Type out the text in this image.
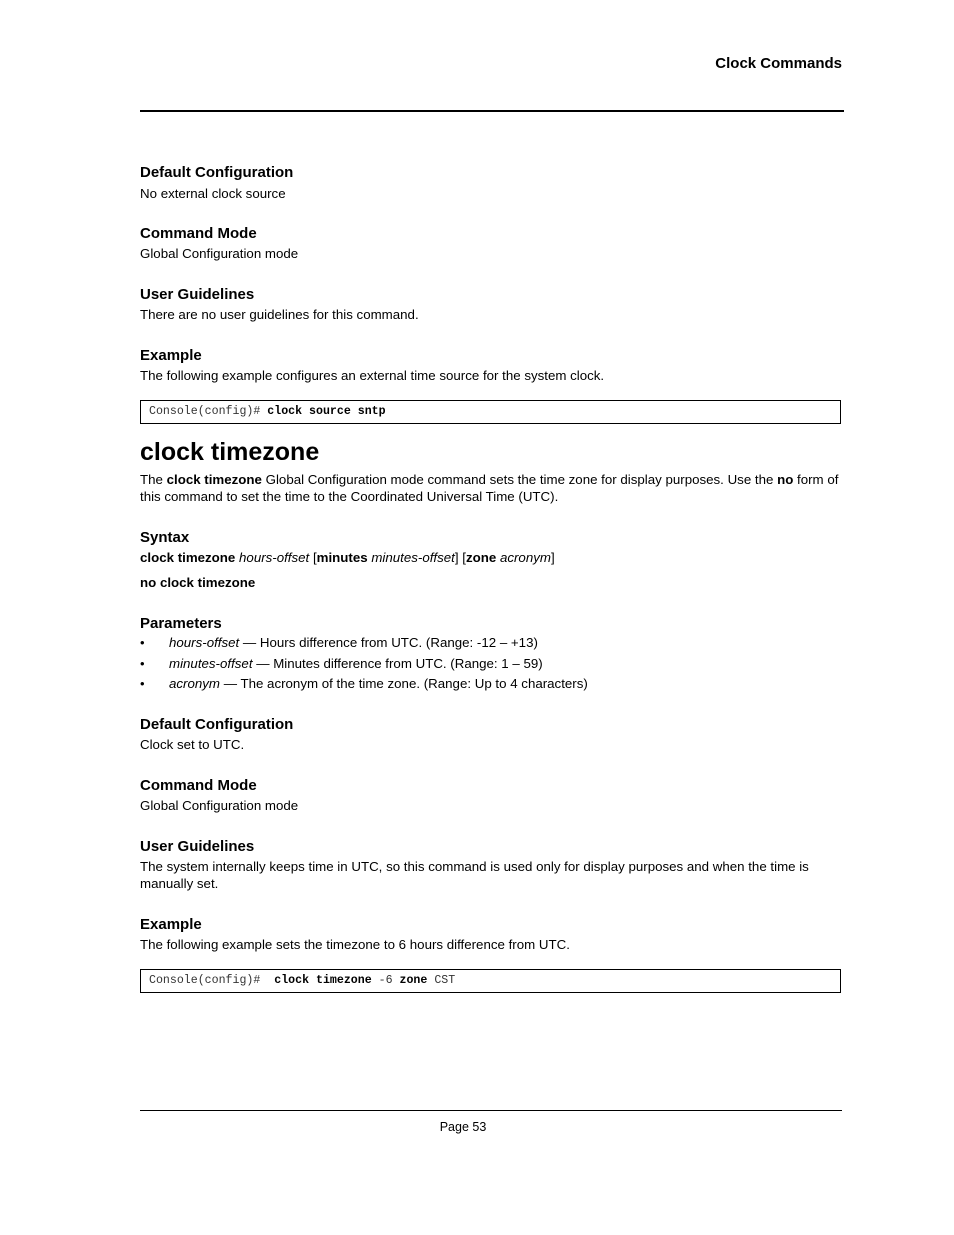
Clock Commands
Default Configuration
No external clock source
Command Mode
Global Configuration mode
User Guidelines
There are no user guidelines for this command.
Example
The following example configures an external time source for the system clock.
Console(config)# clock source sntp
clock timezone
The clock timezone Global Configuration mode command sets the time zone for display purposes. Use the no form of this command to set the time to the Coordinated Universal Time (UTC).
Syntax
clock timezone hours-offset [minutes minutes-offset] [zone acronym]
no clock timezone
Parameters
• hours-offset — Hours difference from UTC. (Range: -12 – +13)
• minutes-offset — Minutes difference from UTC. (Range: 1 – 59)
• acronym — The acronym of the time zone. (Range: Up to 4 characters)
Default Configuration
Clock set to UTC.
Command Mode
Global Configuration mode
User Guidelines
The system internally keeps time in UTC, so this command is used only for display purposes and when the time is manually set.
Example
The following example sets the timezone to 6 hours difference from UTC.
Console(config)# clock timezone -6 zone CST
Page 53
